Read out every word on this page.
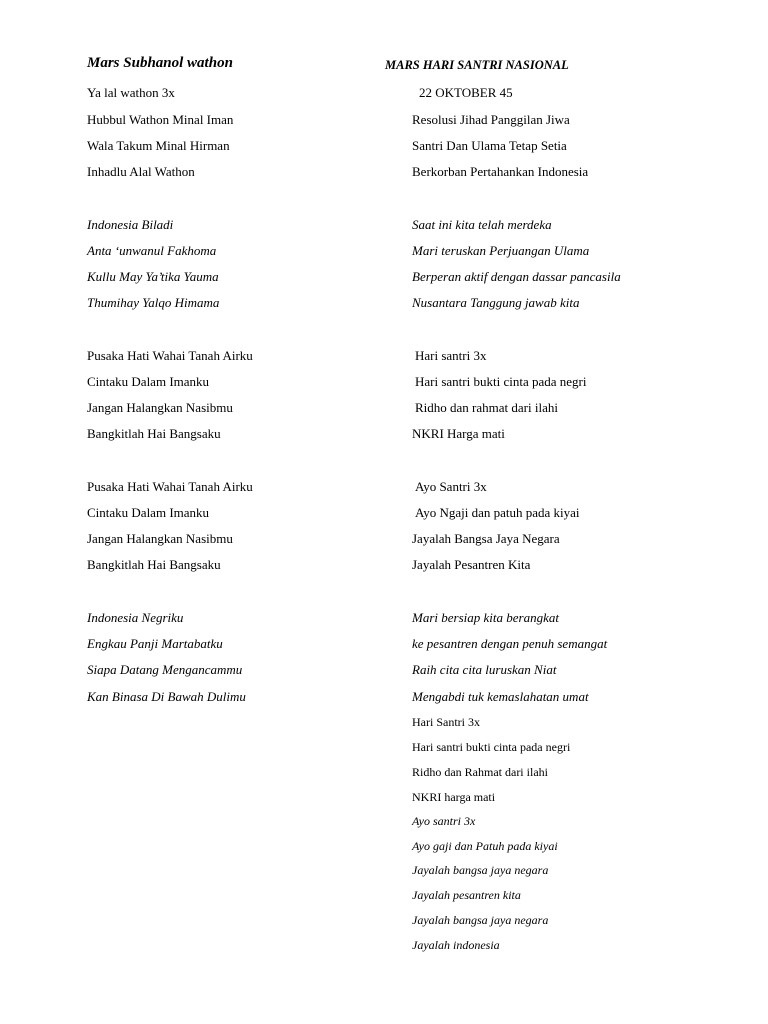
Mars Subhanol wathon
Ya lal wathon 3x
Hubbul Wathon Minal Iman
Wala Takum Minal Hirman
Inhadlu Alal Wathon
Indonesia Biladi
Anta ‘unwanul Fakhoma
Kullu May Ya’tika Yauma
Thumihay Yalqo Himama
Pusaka Hati Wahai Tanah Airku
Cintaku Dalam Imanku
Jangan Halangkan Nasibmu
Bangkitlah Hai Bangsaku
Pusaka Hati Wahai Tanah Airku
Cintaku Dalam Imanku
Jangan Halangkan Nasibmu
Bangkitlah Hai Bangsaku
Indonesia Negriku
Engkau Panji Martabatku
Siapa Datang Mengancammu
Kan Binasa Di Bawah Dulimu
MARS HARI SANTRI NASIONAL
22 OKTOBER 45
Resolusi Jihad Panggilan Jiwa
Santri Dan Ulama Tetap Setia
Berkorban Pertahankan Indonesia
Saat ini kita telah merdeka
Mari teruskan Perjuangan Ulama
Berperan aktif dengan dassar pancasila
Nusantara Tanggung jawab kita
Hari santri 3x
Hari santri bukti cinta pada negri
Ridho dan rahmat dari ilahi
NKRI Harga mati
Ayo Santri 3x
Ayo Ngaji dan patuh pada kiyai
Jayalah Bangsa Jaya Negara
Jayalah Pesantren Kita
Mari bersiap kita berangkat
ke pesantren dengan penuh semangat
Raih cita cita luruskan Niat
Mengabdi tuk kemaslahatan umat
Hari Santri 3x
Hari santri bukti cinta pada negri
Ridho dan Rahmat dari ilahi
NKRI harga mati
Ayo santri 3x
Ayo gaji dan Patuh pada kiyai
Jayalah bangsa jaya negara
Jayalah pesantren kita
Jayalah bangsa jaya negara
Jayalah indonesia
